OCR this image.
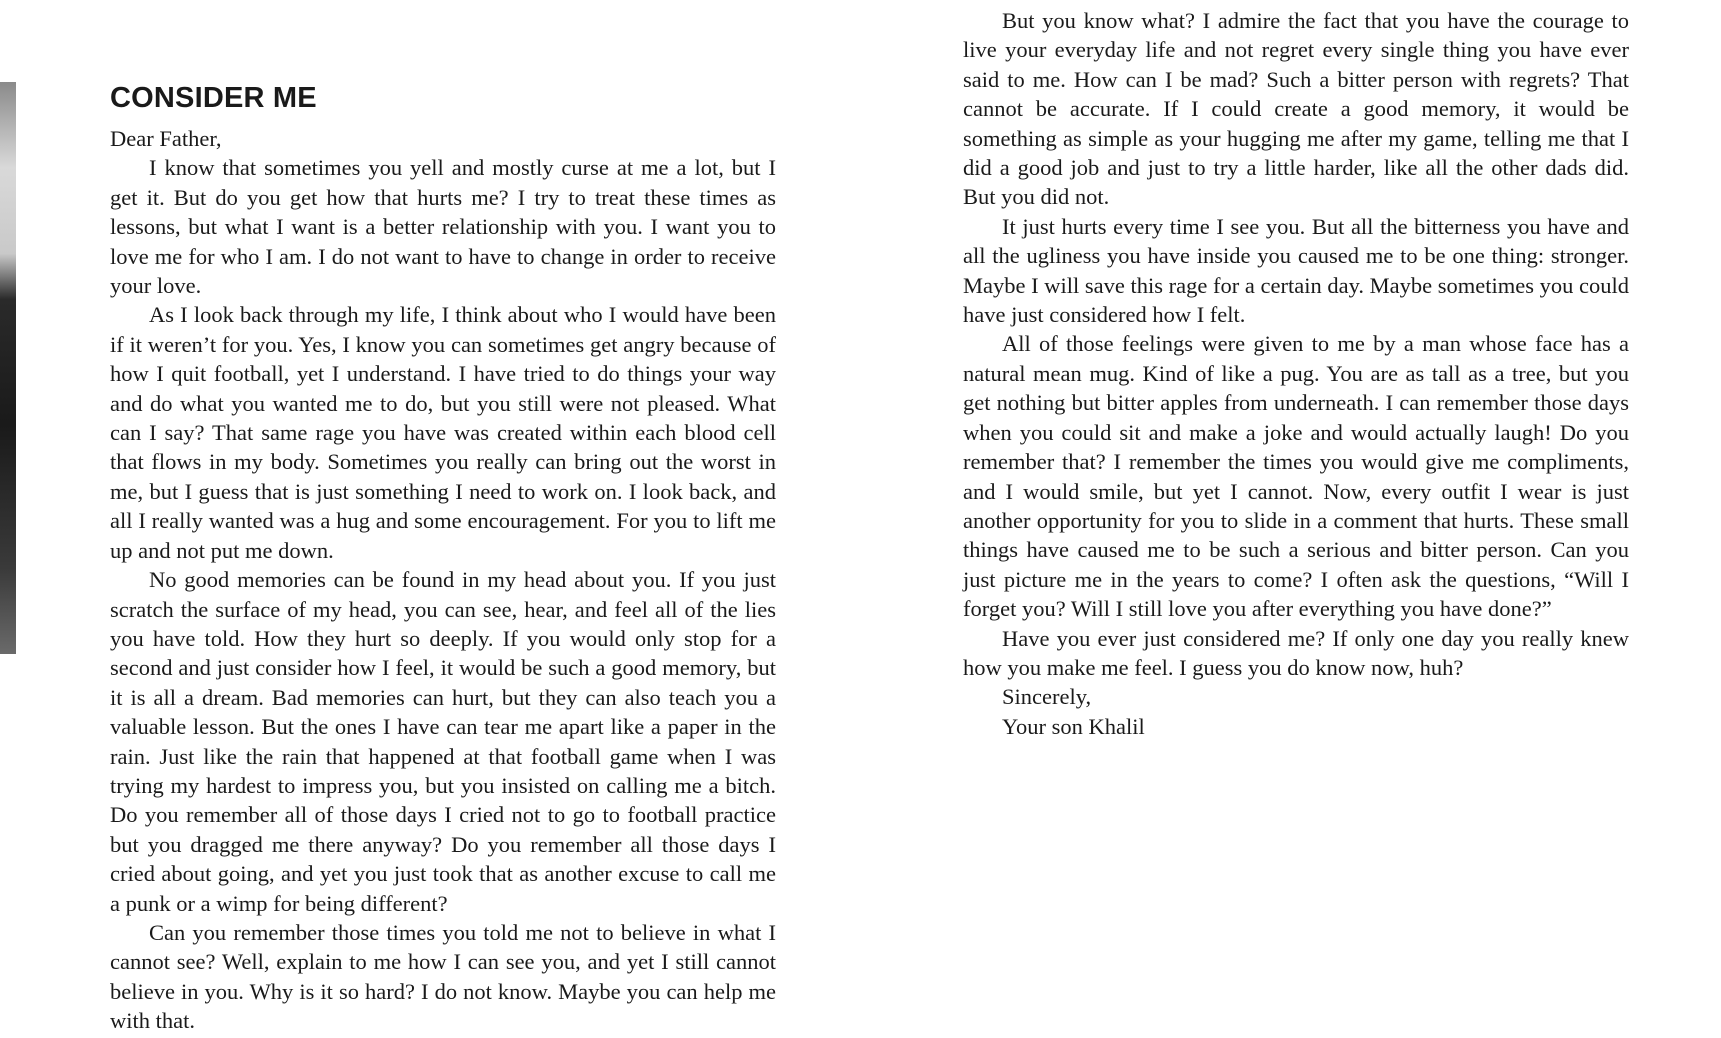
CONSIDER ME

Dear Father,

I know that sometimes you yell and mostly curse at me a lot, but I get it. But do you get how that hurts me? I try to treat these times as lessons, but what I want is a better relationship with you. I want you to love me for who I am. I do not want to have to change in order to receive your love.

As I look back through my life, I think about who I would have been if it weren’t for you. Yes, I know you can sometimes get angry because of how I quit football, yet I understand. I have tried to do things your way and do what you wanted me to do, but you still were not pleased. What can I say? That same rage you have was created within each blood cell that flows in my body. Sometimes you really can bring out the worst in me, but I guess that is just something I need to work on. I look back, and all I really wanted was a hug and some encouragement. For you to lift me up and not put me down.

No good memories can be found in my head about you. If you just scratch the surface of my head, you can see, hear, and feel all of the lies you have told. How they hurt so deeply. If you would only stop for a second and just consider how I feel, it would be such a good memory, but it is all a dream. Bad memories can hurt, but they can also teach you a valuable lesson. But the ones I have can tear me apart like a paper in the rain. Just like the rain that happened at that football game when I was trying my hardest to impress you, but you insisted on calling me a bitch. Do you remember all of those days I cried not to go to football practice but you dragged me there anyway? Do you remember all those days I cried about going, and yet you just took that as another excuse to call me a punk or a wimp for being different?

Can you remember those times you told me not to believe in what I cannot see? Well, explain to me how I can see you, and yet I still cannot believe in you. Why is it so hard? I do not know. Maybe you can help me with that.

But you know what? I admire the fact that you have the courage to live your everyday life and not regret every single thing you have ever said to me. How can I be mad? Such a bitter person with regrets? That cannot be accurate. If I could create a good memory, it would be something as simple as your hugging me after my game, telling me that I did a good job and just to try a little harder, like all the other dads did. But you did not.

It just hurts every time I see you. But all the bitterness you have and all the ugliness you have inside you caused me to be one thing: stronger. Maybe I will save this rage for a certain day. Maybe sometimes you could have just considered how I felt.

All of those feelings were given to me by a man whose face has a natural mean mug. Kind of like a pug. You are as tall as a tree, but you get nothing but bitter apples from underneath. I can remember those days when you could sit and make a joke and would actually laugh! Do you remember that? I remember the times you would give me compliments, and I would smile, but yet I cannot. Now, every outfit I wear is just another opportunity for you to slide in a comment that hurts. These small things have caused me to be such a serious and bitter person. Can you just picture me in the years to come? I often ask the questions, “Will I forget you? Will I still love you after everything you have done?”

Have you ever just considered me? If only one day you really knew how you make me feel. I guess you do know now, huh?

Sincerely,

Your son Khalil
